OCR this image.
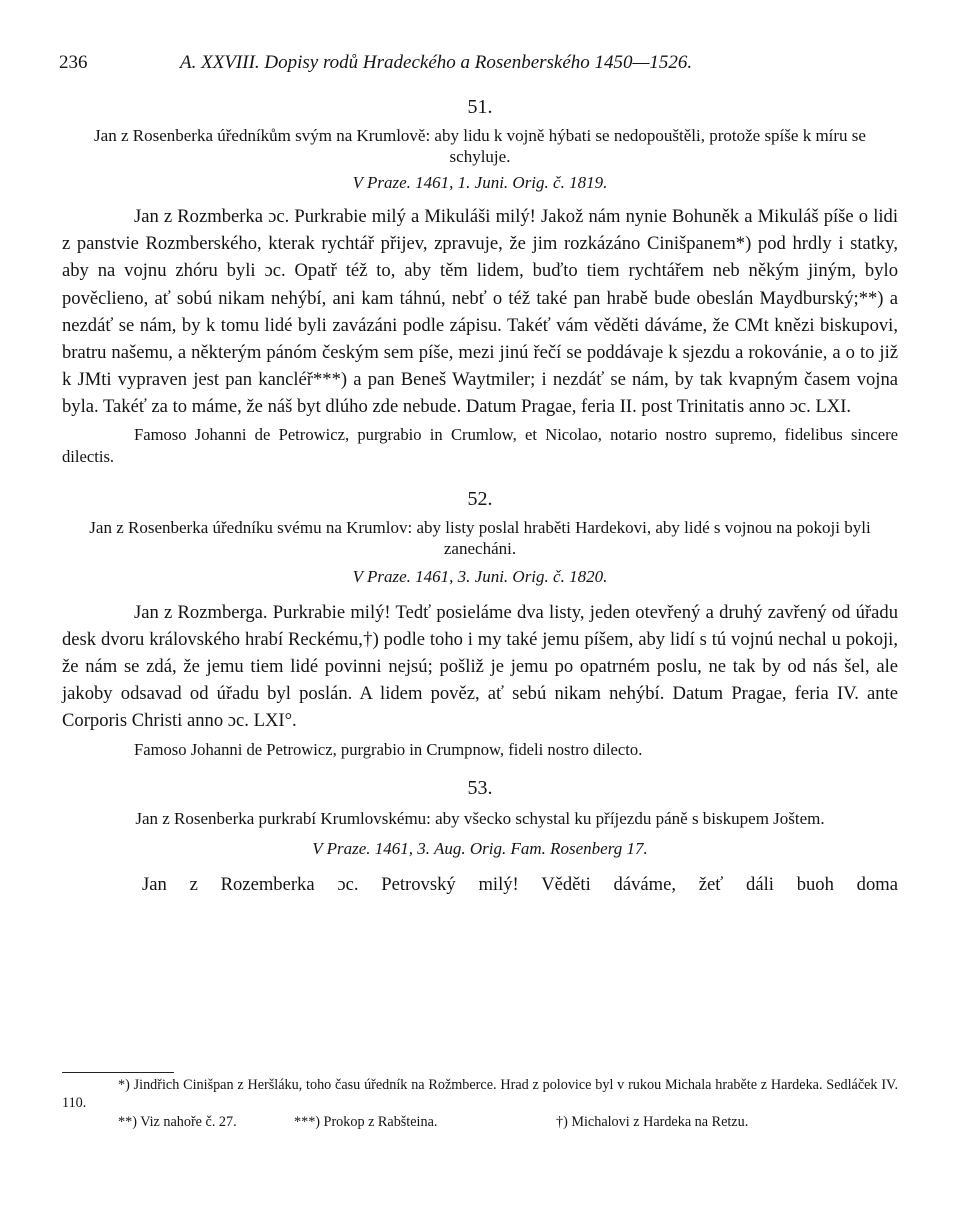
236	A. XXVIII. Dopisy rodů Hradeckého a Rosenberského 1450—1526.

51.

Jan z Rosenberka úředníkům svým na Krumlově: aby lidu k vojně hýbati se nedopouštěli, protože spíše k míru se schyluje.

V Praze. 1461, 1. Juni. Orig. č. 1819.

Jan z Rozmberka ɔc. Purkrabie milý a Mikuláši milý! Jakož nám nynie Bohuněk a Mikuláš píše o lidi z panstvie Rozmberského, kterak rychtář přijev, zpravuje, že jim rozkázáno Cinišpanem*) pod hrdly i statky, aby na vojnu zhóru byli ɔc. Opatř též to, aby těm lidem, buďto tiem rychtářem neb někým jiným, bylo pověclieno, ať sobú nikam nehýbí, ani kam táhnú, nebť o též také pan hrabě bude obeslán Maydburský;**) a nezdáť se nám, by k tomu lidé byli zavázáni podle zápisu. Takéť vám věděti dáváme, že CMt knězi biskupovi, bratru našemu, a některým pánóm českým sem píše, mezi jinú řečí se poddávaje k sjezdu a rokovánie, a o to již k JMti vypraven jest pan kancléř***) a pan Beneš Waytmiler; i nezdáť se nám, by tak kvapným časem vojna byla. Takéť za to máme, že náš byt dlúho zde nebude. Datum Pragae, feria II. post Trinitatis anno ɔc. LXI.

Famoso Johanni de Petrowicz, purgrabio in Crumlow, et Nicolao, notario nostro supremo, fidelibus sincere dilectis.

52.

Jan z Rosenberka úředníku svému na Krumlov: aby listy poslal hraběti Hardekovi, aby lidé s vojnou na pokoji byli zanecháni.

V Praze. 1461, 3. Juni. Orig. č. 1820.

Jan z Rozmberga. Purkrabie milý! Tedť posieláme dva listy, jeden otevřený a druhý zavřený od úřadu desk dvoru královského hrabí Reckému,†) podle toho i my také jemu píšem, aby lidí s tú vojnú nechal u pokoji, že nám se zdá, že jemu tiem lidé povinni nejsú; pošliž je jemu po opatrném poslu, ne tak by od nás šel, ale jakoby odsavad od úřadu byl poslán. A lidem pověz, ať sebú nikam nehýbí. Datum Pragae, feria IV. ante Corporis Christi anno ɔc. LXI°.

Famoso Johanni de Petrowicz, purgrabio in Crumpnow, fideli nostro dilecto.

53.

Jan z Rosenberka purkrabí Krumlovskému: aby všecko schystal ku příjezdu páně s biskupem Joštem.

V Praze. 1461, 3. Aug. Orig. Fam. Rosenberg 17.

Jan z Rozemberka ɔc. Petrovský milý! Věděti dáváme, žeť dáli buoh doma

*) Jindřich Cinišpan z Heršláku, toho času úředník na Rožmberce. Hrad z polovice byl v rukou Michala hraběte z Hardeka. Sedláček IV. 110.

**) Viz nahoře č. 27.	***) Prokop z Rabšteina.	†) Michalovi z Hardeka na Retzu.
